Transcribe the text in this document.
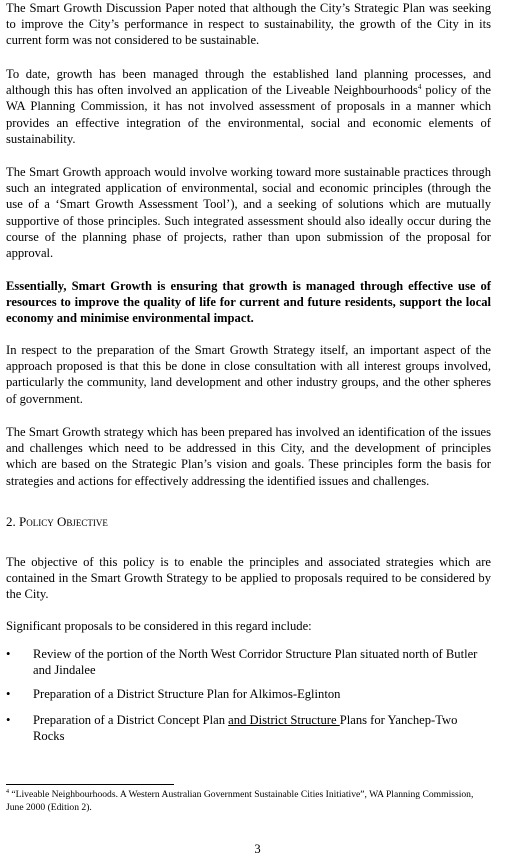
The Smart Growth Discussion Paper noted that although the City’s Strategic Plan was seeking to improve the City’s performance in respect to sustainability, the growth of the City in its current form was not considered to be sustainable.

To date, growth has been managed through the established land planning processes, and although this has often involved an application of the Liveable Neighbourhoods$^4$ policy of the WA Planning Commission, it has not involved assessment of proposals in a manner which provides an effective integration of the environmental, social and economic elements of sustainability.

The Smart Growth approach would involve working toward more sustainable practices through such an integrated application of environmental, social and economic principles (through the use of a ‘Smart Growth Assessment Tool’), and a seeking of solutions which are mutually supportive of those principles. Such integrated assessment should also ideally occur during the course of the planning phase of projects, rather than upon submission of the proposal for approval.

Essentially, Smart Growth is ensuring that growth is managed through effective use of resources to improve the quality of life for current and future residents, support the local economy and minimise environmental impact.

In respect to the preparation of the Smart Growth Strategy itself, an important aspect of the approach proposed is that this be done in close consultation with all interest groups involved, particularly the community, land development and other industry groups, and the other spheres of government.

The Smart Growth strategy which has been prepared has involved an identification of the issues and challenges which need to be addressed in this City, and the development of principles which are based on the Strategic Plan’s vision and goals. These principles form the basis for strategies and actions for effectively addressing the identified issues and challenges.

2. Policy Objective

The objective of this policy is to enable the principles and associated strategies which are contained in the Smart Growth Strategy to be applied to proposals required to be considered by the City.

Significant proposals to be considered in this regard include:

• Review of the portion of the North West Corridor Structure Plan situated north of Butler and Jindalee
• Preparation of a District Structure Plan for Alkimos-Eglinton
• Preparation of a District Concept Plan and District Structure Plans for Yanchep-Two Rocks

$^4$ “Liveable Neighbourhoods. A Western Australian Government Sustainable Cities Initiative”, WA Planning Commission, June 2000 (Edition 2).

3
